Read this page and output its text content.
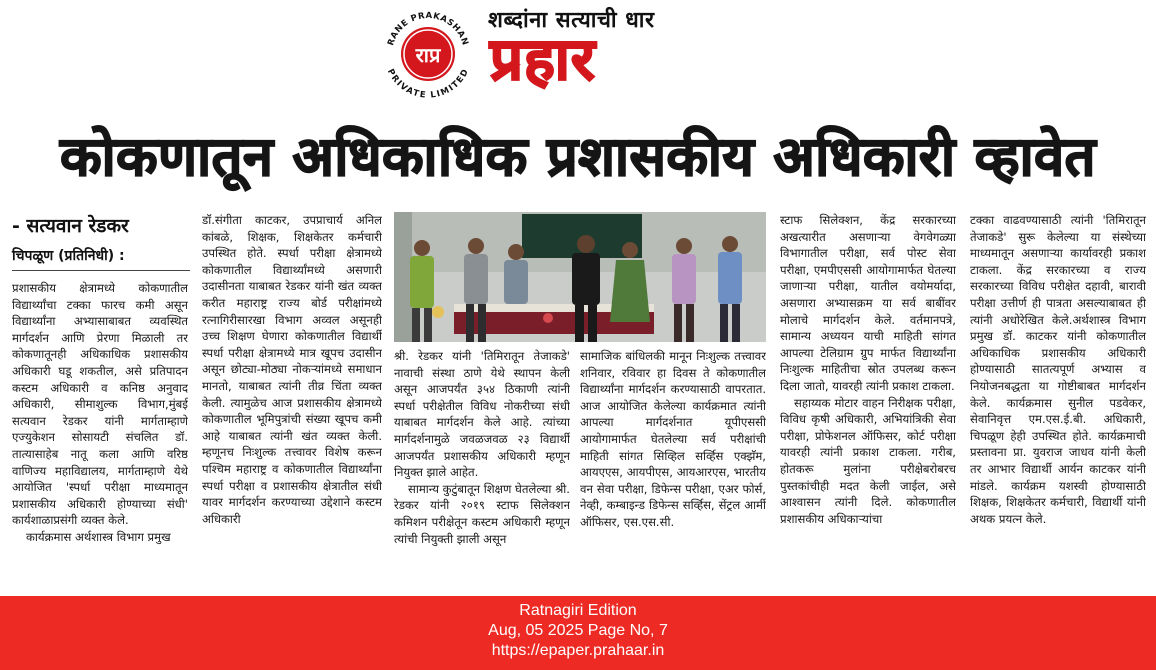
RANE PRAKASHAN
PRIVATE LIMITED
राप्र
शब्दांना सत्याची धार
प्रहार
कोकणातून अधिकाधिक प्रशासकीय अधिकारी व्हावेत
- सत्यवान रेडकर
चिपळूण (प्रतिनिधी) :

प्रशासकीय क्षेत्रामध्ये कोकणातील विद्यार्थ्यांचा टक्का फारच कमी असून विद्यार्थ्यांना अभ्यासाबाबत व्यवस्थित मार्गदर्शन आणि प्रेरणा मिळाली तर कोकणातूनही अधिकाधिक प्रशासकीय अधिकारी घडू शकतील, असे प्रतिपादन कस्टम अधिकारी व कनिष्ठ अनुवाद अधिकारी, सीमाशुल्क विभाग,मुंबई सत्यवान रेडकर यांनी मार्गताम्हाणे एज्युकेशन सोसायटी संचलित डॉ. तात्यासाहेब नातू कला आणि वरिष्ठ वाणिज्य महाविद्यालय, मार्गताम्हाणे येथे आयोजित 'स्पर्धा परीक्षा माध्यमातून प्रशासकीय अधिकारी होण्याच्या संधी' कार्यशाळाप्रसंगी व्यक्त केले.

कार्यक्रमास अर्थशास्त्र विभाग प्रमुख

डॉ.संगीता काटकर, उपप्राचार्य अनिल कांबळे, शिक्षक, शिक्षकेतर कर्मचारी उपस्थित होते. स्पर्धा परीक्षा क्षेत्रामध्ये कोकणातील विद्यार्थ्यांमध्ये असणारी उदासीनता याबाबत रेडकर यांनी खंत व्यक्त करीत महाराष्ट्र राज्य बोर्ड परीक्षांमध्ये रत्नागिरीसारखा विभाग अव्वल असूनही उच्च शिक्षण घेणारा कोकणातील विद्यार्थी स्पर्धा परीक्षा क्षेत्रामध्ये मात्र खूपच उदासीन असून छोट्या-मोठ्या नोकऱ्यांमध्ये समाधान मानतो, याबाबत त्यांनी तीव्र चिंता व्यक्त केली. त्यामुळेच आज प्रशासकीय क्षेत्रामध्ये कोकणातील भूमिपुत्रांची संख्या खूपच कमी आहे याबाबत त्यांनी खंत व्यक्त केली. म्हणूनच निःशुल्क तत्त्वावर विशेष करून पश्चिम महाराष्ट्र व कोकणातील विद्यार्थ्यांना स्पर्धा परीक्षा व प्रशासकीय क्षेत्रातील संधी यावर मार्गदर्शन करण्याच्या उद्देशाने कस्टम अधिकारी

श्री. रेडकर यांनी 'तिमिरातून तेजाकडे' नावाची संस्था ठाणे येथे स्थापन केली असून आजपर्यंत ३५४ ठिकाणी त्यांनी स्पर्धा परीक्षेतील विविध नोकरीच्या संधी याबाबत मार्गदर्शन केले आहे. त्यांच्या मार्गदर्शनामुळे जवळजवळ २३ विद्यार्थी आजपर्यंत प्रशासकीय अधिकारी म्हणून नियुक्त झाले आहेत.

सामान्य कुटुंबातून शिक्षण घेतलेल्या श्री. रेडकर यांनी २०१९ स्टाफ सिलेक्शन कमिशन परीक्षेतून कस्टम अधिकारी म्हणून त्यांची नियुक्ती झाली असून

सामाजिक बांधिलकी मानून निःशुल्क तत्त्वावर शनिवार, रविवार हा दिवस ते कोकणातील विद्यार्थ्यांना मार्गदर्शन करण्यासाठी वापरतात. आज आयोजित केलेल्या कार्यक्रमात त्यांनी आपल्या मार्गदर्शनात यूपीएससी आयोगामार्फत घेतलेल्या सर्व परीक्षांची माहिती सांगत सिव्हिल सर्व्हिस एक्झॅम, आयएएस, आयपीएस, आयआरएस, भारतीय वन सेवा परीक्षा, डिफेन्स परीक्षा, एअर फोर्स, नेव्ही, कम्बाइन्ड डिफेन्स सर्व्हिस, सेंट्रल आर्मी ऑफिसर, एस.एस.सी.

स्टाफ सिलेक्शन, केंद्र सरकारच्या अखत्यारीत असणाऱ्या वेगवेगळ्या विभागातील परीक्षा, सर्व पोस्ट सेवा परीक्षा, एमपीएससी आयोगामार्फत घेतल्या जाणाऱ्या परीक्षा, यातील वयोमर्यादा, असणारा अभ्यासक्रम या सर्व बाबींवर मोलाचे मार्गदर्शन केले. वर्तमानपत्रे, सामान्य अध्ययन याची माहिती सांगत आपल्या टेलिग्राम ग्रुप मार्फत विद्यार्थ्यांना निःशुल्क माहितीचा स्रोत उपलब्ध करून दिला जातो, यावरही त्यांनी प्रकाश टाकला.

सहाय्यक मोटार वाहन निरीक्षक परीक्षा, विविध कृषी अधिकारी, अभियांत्रिकी सेवा परीक्षा, प्रोफेशनल ऑफिसर, कोर्ट परीक्षा यावरही त्यांनी प्रकाश टाकला. गरीब, होतकरू मुलांना परीक्षेबरोबरच पुस्तकांचीही मदत केली जाईल, असे आश्वासन त्यांनी दिले. कोकणातील प्रशासकीय अधिकाऱ्यांचा

टक्का वाढवण्यासाठी त्यांनी 'तिमिरातून तेजाकडे' सुरू केलेल्या या संस्थेच्या माध्यमातून असणाऱ्या कार्यावरही प्रकाश टाकला. केंद्र सरकारच्या व राज्य सरकारच्या विविध परीक्षेत दहावी, बारावी परीक्षा उत्तीर्ण ही पात्रता असल्याबाबत ही त्यांनी अधोरेखित केले.अर्थशास्त्र विभाग प्रमुख डॉ. काटकर यांनी कोकणातील अधिकाधिक प्रशासकीय अधिकारी होण्यासाठी सातत्यपूर्ण अभ्यास व नियोजनबद्धता या गोष्टीबाबत मार्गदर्शन केले. कार्यक्रमास सुनील पडवेकर, सेवानिवृत्त एम.एस.ई.बी. अधिकारी, चिपळूण हेही उपस्थित होते. कार्यक्रमाची प्रस्तावना प्रा. युवराज जाधव यांनी केली तर आभार विद्यार्थी आर्यन काटकर यांनी मांडले. कार्यक्रम यशस्वी होण्यासाठी शिक्षक, शिक्षकेतर कर्मचारी, विद्यार्थी यांनी अथक प्रयत्न केले.

Ratnagiri Edition
Aug, 05 2025 Page No, 7
https://epaper.prahaar.in
